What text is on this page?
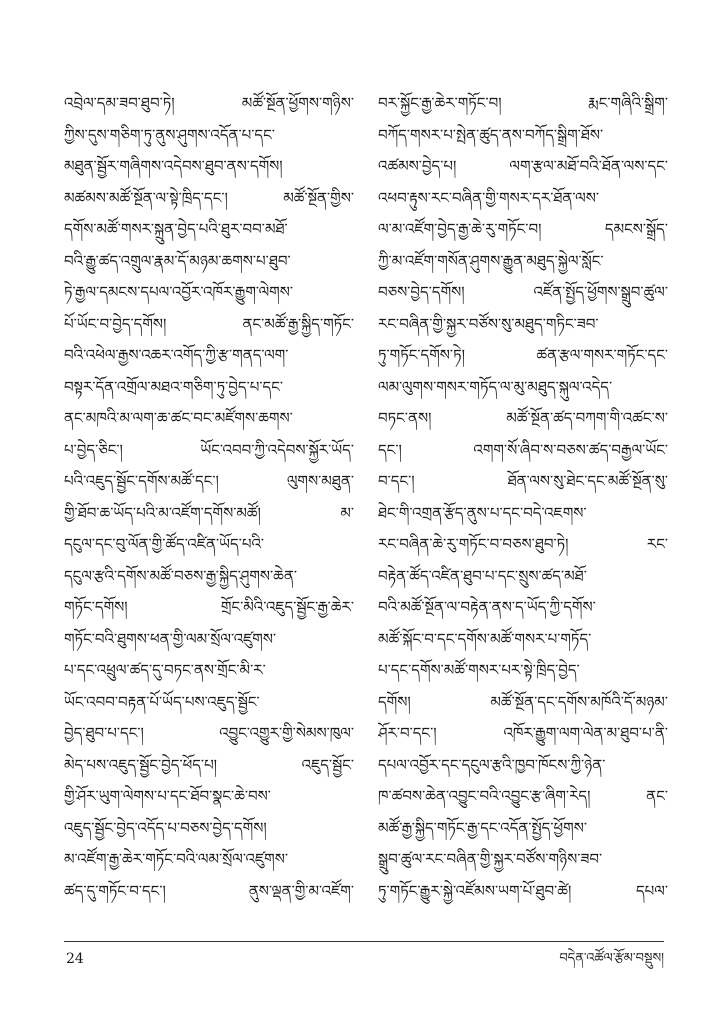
འབྲེལ་དམ་ཟབ་ཐུབ་ཏེ། མཚོ་སྔོན་ཕྱོགས་གཉིས་
ཀྱིས་དུས་གཅིག་ཏུ་ནུས་ཤུགས་འདོན་པ་དང་
མཐུན་སྦྱོར་གཞིགས་འདེབས་ཐུབ་ནས་དགོས།
མཚམས་མཚོ་སྔོན་ལ་སྟེ་ཁྲིད་དང་། མཚོ་སྔོན་གྱིས་
དགོས་མཚོ་གསར་སྐྲུན་བྱེད་པའི་ཐུར་བབ་མཐོ་
བའི་རྒྱུ་ཚད་འགྲུལ་རྣམ་དོ་མཉམ་ཆགས་པ་ཐུབ་
ཏེ་རྒྱལ་དམངས་དཔལ་འབྱོར་འཁོར་རྒྱུག་ལེགས་
པོ་ཡོང་བ་བྱེད་དགོས། ནང་མཚོ་རྒྱ་སྐྱིད་གཏོང་
བའི་འཕེལ་རྒྱས་འཆར་འགོད་ཀྱི་རྩ་གནད་ལག་
བསྟར་དོན་འགྲོལ་མཐའ་གཅིག་ཏུ་བྱེད་པ་དང་
ནང་མཁའི་མ་ལག་ཆ་ཚང་བང་མཛོགས་ཆགས་
པ་བྱེད་ཅིང་། ཡོང་འབབ་ཀྱི་འདེབས་སྐྱོར་ཡོད་
པའི་འཇུད་སྦྱོང་དགོས་མཚོ་དང་། ལུགས་མཐུན་
གྱི་ཐོབ་ཆ་ཡོད་པའི་མ་འཛོག་དགོས་མཚོ། མ་
དངུལ་དང་བུ་ལོན་གྱི་ཚོད་འཛིན་ཡོད་པའི་
དངུལ་རྩའི་དགོས་མཚོ་བཅས་རྒྱ་སྐྱིད་ཤུགས་ཆེན་
གཏོང་དགོས། གྲོང་མིའི་འཇུད་སྦྱོང་རྒྱ་ཆེར་
གཏོང་བའི་ཐུགས་ཕན་གྱི་ལམ་སྲོལ་འཛུགས་
པ་དང་འཕྲུལ་ཚད་དུ་བཏང་ནས་གྲོང་མི་ར་
ཡོང་འབབ་བརྟན་པོ་ཡོད་པས་འཇུད་སྦྱོང་
བྱེད་ཐུབ་པ་དང་། འབྱུང་འགྱུར་གྱི་སེམས་ཁུལ་
མེད་པས་འཇུད་སྦྱོང་བྱེད་ཕོད་པ། འཇུད་སྦྱོང་
གྱི་ཤོར་ཡུག་ལེགས་པ་དང་ཐོབ་སྣང་ཆེ་བས་
འཇུད་སྦྱོང་བྱེད་འདོད་པ་བཅས་བྱེད་དགོས།
མ་འཛོག་རྒྱ་ཆེར་གཏོང་བའི་ལམ་སྲོལ་འཛུགས་
ཚད་དུ་གཏོང་བ་དང་། ནུས་ལྡན་གྱི་མ་འཛོག་
བར་སྐྱོང་རྒྱ་ཆེར་གཏོང་བ། རྨང་གཞིའི་སྒྲིག་
བཀོད་གསར་པ་སྤེན་ཚུད་ནས་བཀོད་སྒྲིག་ཐོས་
འཚམས་བྱེད་པ། ལག་རྩལ་མཐོ་བའི་ཐོན་ལས་དང་
འཕབ་རྟུས་རང་བཞིན་གྱི་གསར་དར་ཐོན་ལས་
ལ་མ་འཛོག་བྱེད་རྒྱ་ཆེ་རུ་གཏོང་བ། དམངས་སྒྲོད་
ཀྱི་མ་འཛོག་གསོན་ཤུགས་རྒྱུན་མཐུད་སྐྱེལ་སློང་
བཅས་བྱེད་དགོས། འཛོན་སྤྱོད་ཕྱོགས་སྒྲུབ་ཚུལ་
རང་བཞིན་གྱི་སྐྱར་བཙོས་སུ་མཐུད་གཏིང་ཟབ་
ཏུ་གཏོང་དགོས་ཏེ། ཚན་རྩལ་གསར་གཏོང་དང་
ལམ་ལུགས་གསར་གཏོད་ལ་མུ་མཐུད་སྐུལ་འདེད་
བཏང་ནས། མཚོ་སྔོན་ཚད་བཀག་གི་འཚང་ས་
དང་། འགག་སོ་ཞིབ་ས་བཅས་ཚད་བརྒྱལ་ཡོང་
བ་དང་། ཐོན་ལས་སུ་ཐེང་དང་མཚོ་སྔོན་སུ་
ཐེང་གི་འགྲན་རྩོད་ནུས་པ་དང་བདེ་འཇགས་
རང་བཞིན་ཆེ་རུ་གཏོང་བ་བཅས་ཐུབ་ཏེ། རང་
བརྟེན་ཚོད་འཛིན་ཐུབ་པ་དང་སྲུས་ཚད་མཐོ་
བའི་མཚོ་སྔོན་ལ་བརྟེན་ནས་ད་ཡོད་ཀྱི་དགོས་
མཚོ་སྐོང་བ་དང་དགོས་མཚོ་གསར་པ་གཏོད་
པ་དང་དགོས་མཚོ་གསར་པར་སྟེ་ཁྲིད་བྱེད་
དགོས། མཚོ་སྔོན་དང་དགོས་མཁོའི་དོ་མཉམ་
ཤོར་བ་དང་། འཁོར་རྒྱུག་ལག་ལེན་མ་ཐུབ་པ་ནི་
དཔལ་འབྱོར་དང་དངུལ་རྩའི་ཁྱབ་ཁོངས་ཀྱི་ཉེན་
ཁ་ཚབས་ཆེན་འབྱུང་བའི་འབྱུང་རྩ་ཞིག་རེད། ནང་
མཚོ་རྒྱ་སྐྱིད་གཏོང་རྒྱ་དང་འདོན་སྤྱོད་ཕྱོགས་
སྒྲུབ་ཚུལ་རང་བཞིན་གྱི་སྐྱར་བཙོས་གཉིས་ཟབ་
ཏུ་གཏོང་རྒྱུར་སྐྱེ་འཛོམས་ཡག་པོ་ཐུབ་ཚེ། དཔལ་
24	བདེན་འཚོལ་རྩོམ་བསྡུས།
